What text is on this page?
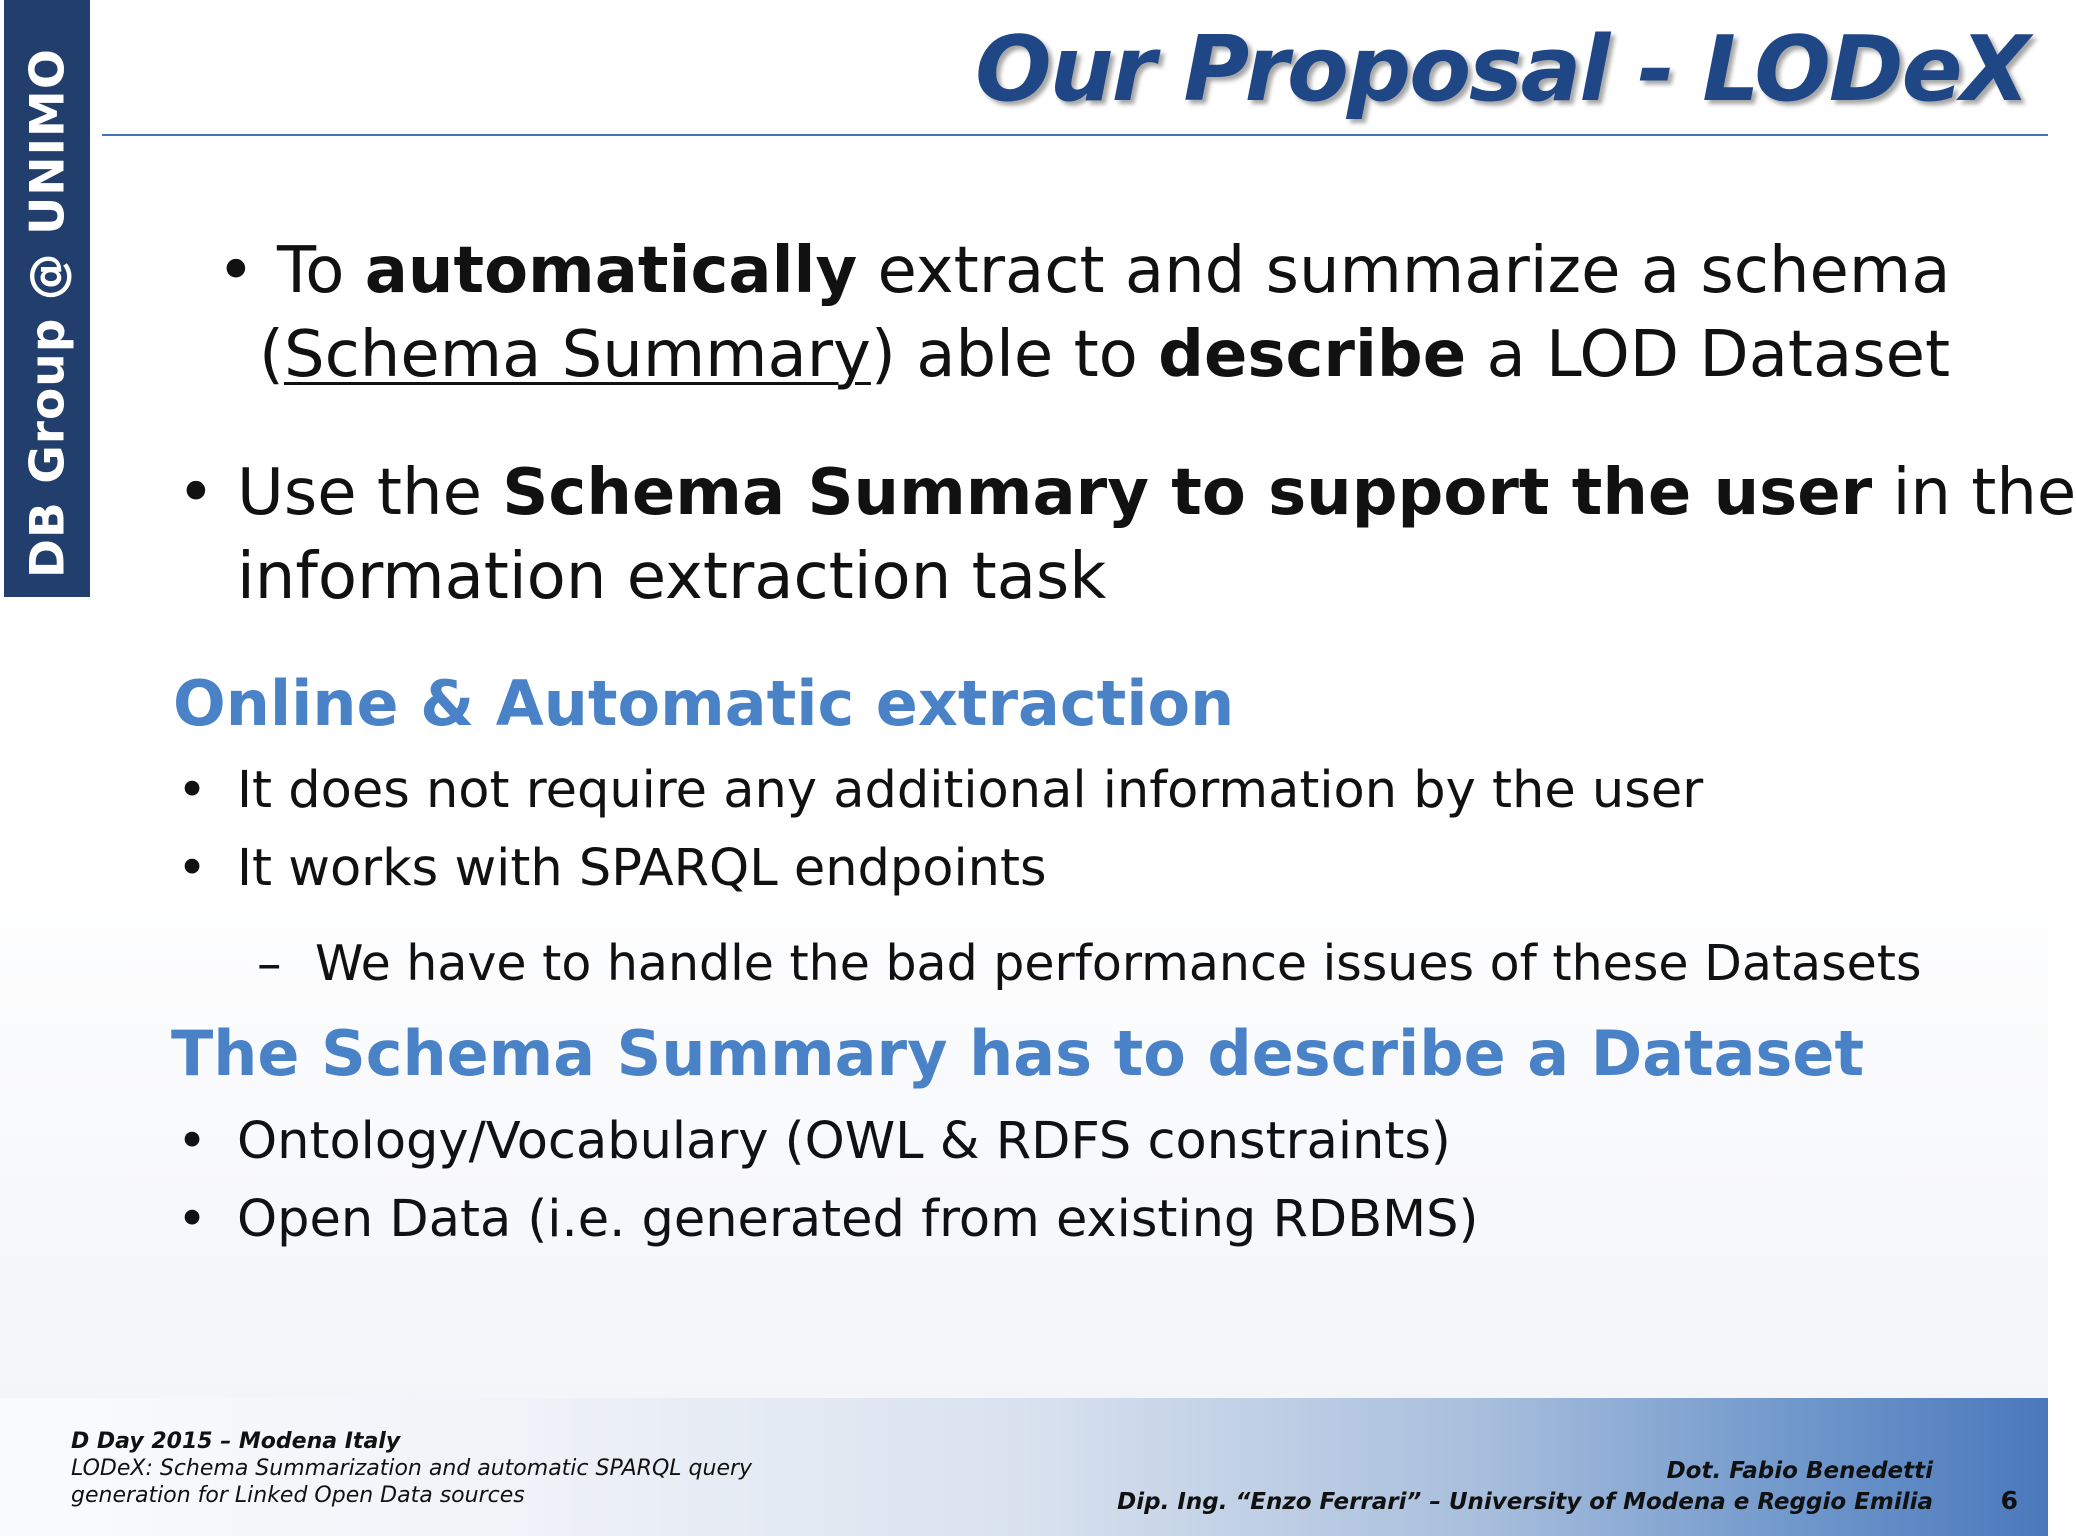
DB Group @ UNIMO	Our Proposal - LODeX
• To automatically extract and summarize a schema
(Schema Summary) able to describe a LOD Dataset
• Use the Schema Summary to support the user in the
information extraction task
Online & Automatic extraction
• It does not require any additional information by the user
• It works with SPARQL endpoints
– We have to handle the bad performance issues of these Datasets
The Schema Summary has to describe a Dataset
• Ontology/Vocabulary (OWL & RDFS constraints)
• Open Data (i.e. generated from existing RDBMS)
D Day 2015 – Modena Italy
LODeX: Schema Summarization and automatic SPARQL query
generation for Linked Open Data sources
Dot. Fabio Benedetti
Dip. Ing. “Enzo Ferrari” – University of Modena e Reggio Emilia	6
